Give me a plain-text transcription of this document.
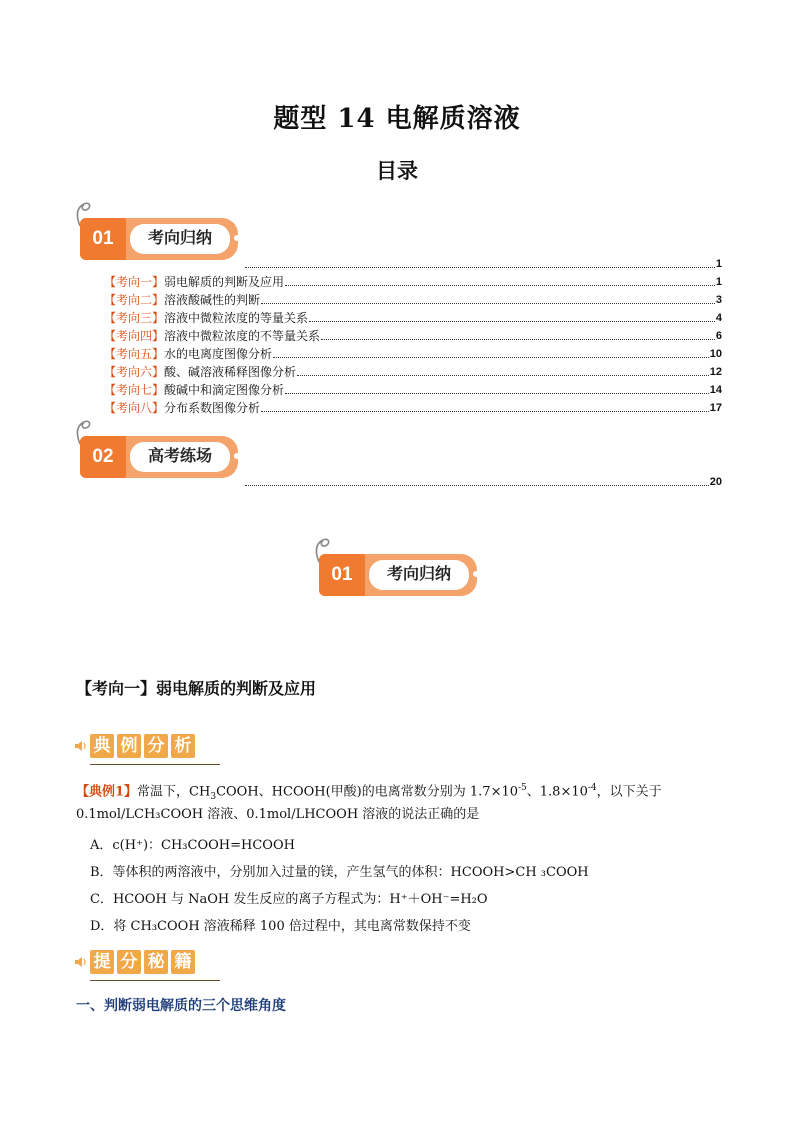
题型 14 电解质溶液
目录
01	考向归纳
1
【考向一】 弱电解质的判断及应用	1
【考向二】 溶液酸碱性的判断	3
【考向三】 溶液中微粒浓度的等量关系	4
【考向四】 溶液中微粒浓度的不等量关系	6
【考向五】 水的电离度图像分析	10
【考向六】 酸、碱溶液稀释图像分析	12
【考向七】 酸碱中和滴定图像分析	14
【考向八】 分布系数图像分析	17
02	高考练场
20
01	考向归纳
【考向一】弱电解质的判断及应用
典 例 分 析
【典例1】常温下，$CH_3COOH$、HCOOH(甲酸)的电离常数分别为 $1.7\times 10^{-5}$、$1.8\times 10^{-4}$，以下关于
0.1mol/LCH₃COOH 溶液、0.1mol/LHCOOH 溶液的说法正确的是
A．c(H⁺)：CH₃COOH=HCOOH
B．等体积的两溶液中，分别加入过量的镁，产生氢气的体积：HCOOH>CH ₃COOH
C．HCOOH 与 NaOH 发生反应的离子方程式为：H⁺＋OH⁻=H₂O
D．将 CH₃COOH 溶液稀释 100 倍过程中，其电离常数保持不变
提 分 秘 籍
一、判断弱电解质的三个思维角度
